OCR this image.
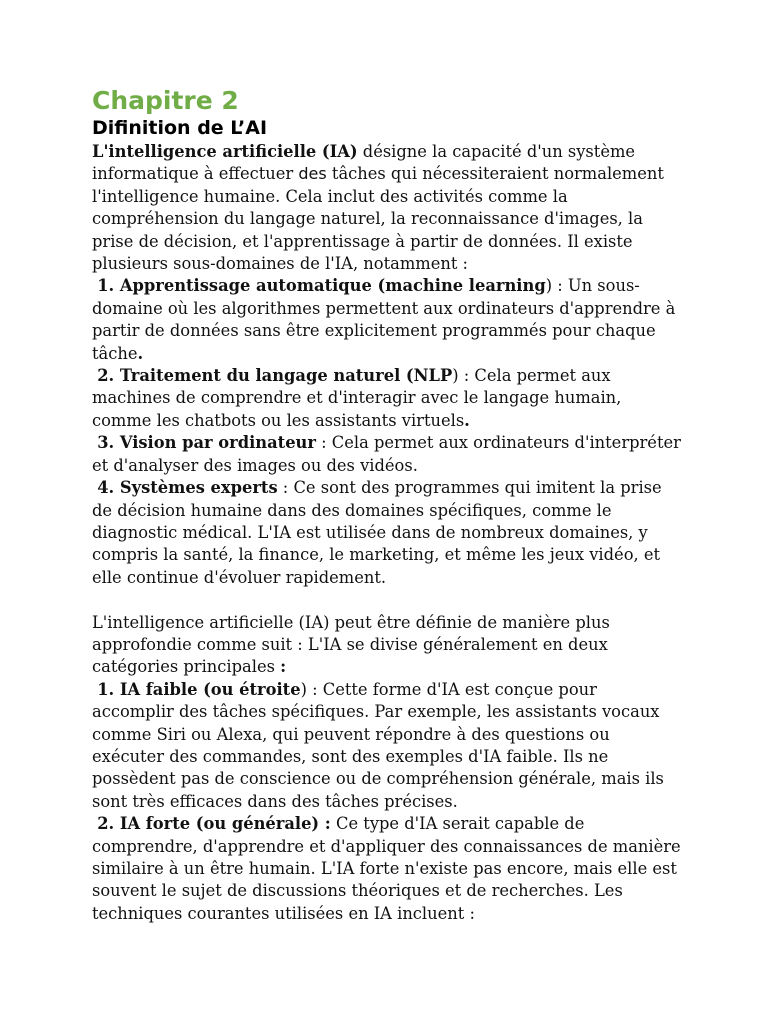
Chapitre 2
Difinition de L’AI

L'intelligence artificielle (IA) désigne la capacité d'un système informatique à effectuer des tâches qui nécessiteraient normalement l'intelligence humaine. Cela inclut des activités comme la compréhension du langage naturel, la reconnaissance d'images, la prise de décision, et l'apprentissage à partir de données. Il existe plusieurs sous-domaines de l'IA, notamment :

1. Apprentissage automatique (machine learning) : Un sous-domaine où les algorithmes permettent aux ordinateurs d'apprendre à partir de données sans être explicitement programmés pour chaque tâche.

2. Traitement du langage naturel (NLP) : Cela permet aux machines de comprendre et d'interagir avec le langage humain, comme les chatbots ou les assistants virtuels.

3. Vision par ordinateur : Cela permet aux ordinateurs d'interpréter et d'analyser des images ou des vidéos.

4. Systèmes experts : Ce sont des programmes qui imitent la prise de décision humaine dans des domaines spécifiques, comme le diagnostic médical. L'IA est utilisée dans de nombreux domaines, y compris la santé, la finance, le marketing, et même les jeux vidéo, et elle continue d'évoluer rapidement.

L'intelligence artificielle (IA) peut être définie de manière plus approfondie comme suit : L'IA se divise généralement en deux catégories principales :

1. IA faible (ou étroite) : Cette forme d'IA est conçue pour accomplir des tâches spécifiques. Par exemple, les assistants vocaux comme Siri ou Alexa, qui peuvent répondre à des questions ou exécuter des commandes, sont des exemples d'IA faible. Ils ne possèdent pas de conscience ou de compréhension générale, mais ils sont très efficaces dans des tâches précises.

2. IA forte (ou générale) : Ce type d'IA serait capable de comprendre, d'apprendre et d'appliquer des connaissances de manière similaire à un être humain. L'IA forte n'existe pas encore, mais elle est souvent le sujet de discussions théoriques et de recherches. Les techniques courantes utilisées en IA incluent :
